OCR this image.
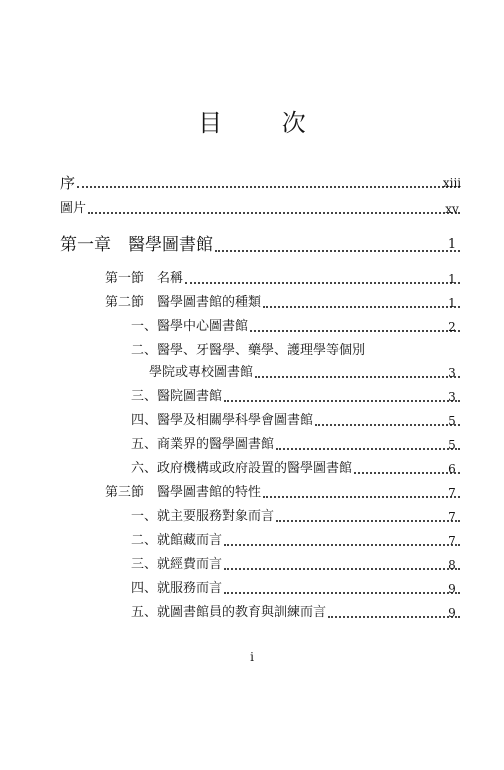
目 次
序	xiii
圖片	xv
第一章　醫學圖書館	1
第一節　名稱	1
第二節　醫學圖書館的種類	1
一、醫學中心圖書館	2
二、醫學、牙醫學、藥學、護理學等個別
學院或專校圖書館	3
三、醫院圖書館	3
四、醫學及相關學科學會圖書館	5
五、商業界的醫學圖書館	5
六、政府機構或政府設置的醫學圖書館	6
第三節　醫學圖書館的特性	7
一、就主要服務對象而言	7
二、就館藏而言	7
三、就經費而言	8
四、就服務而言	9
五、就圖書館員的教育與訓練而言	9
i
